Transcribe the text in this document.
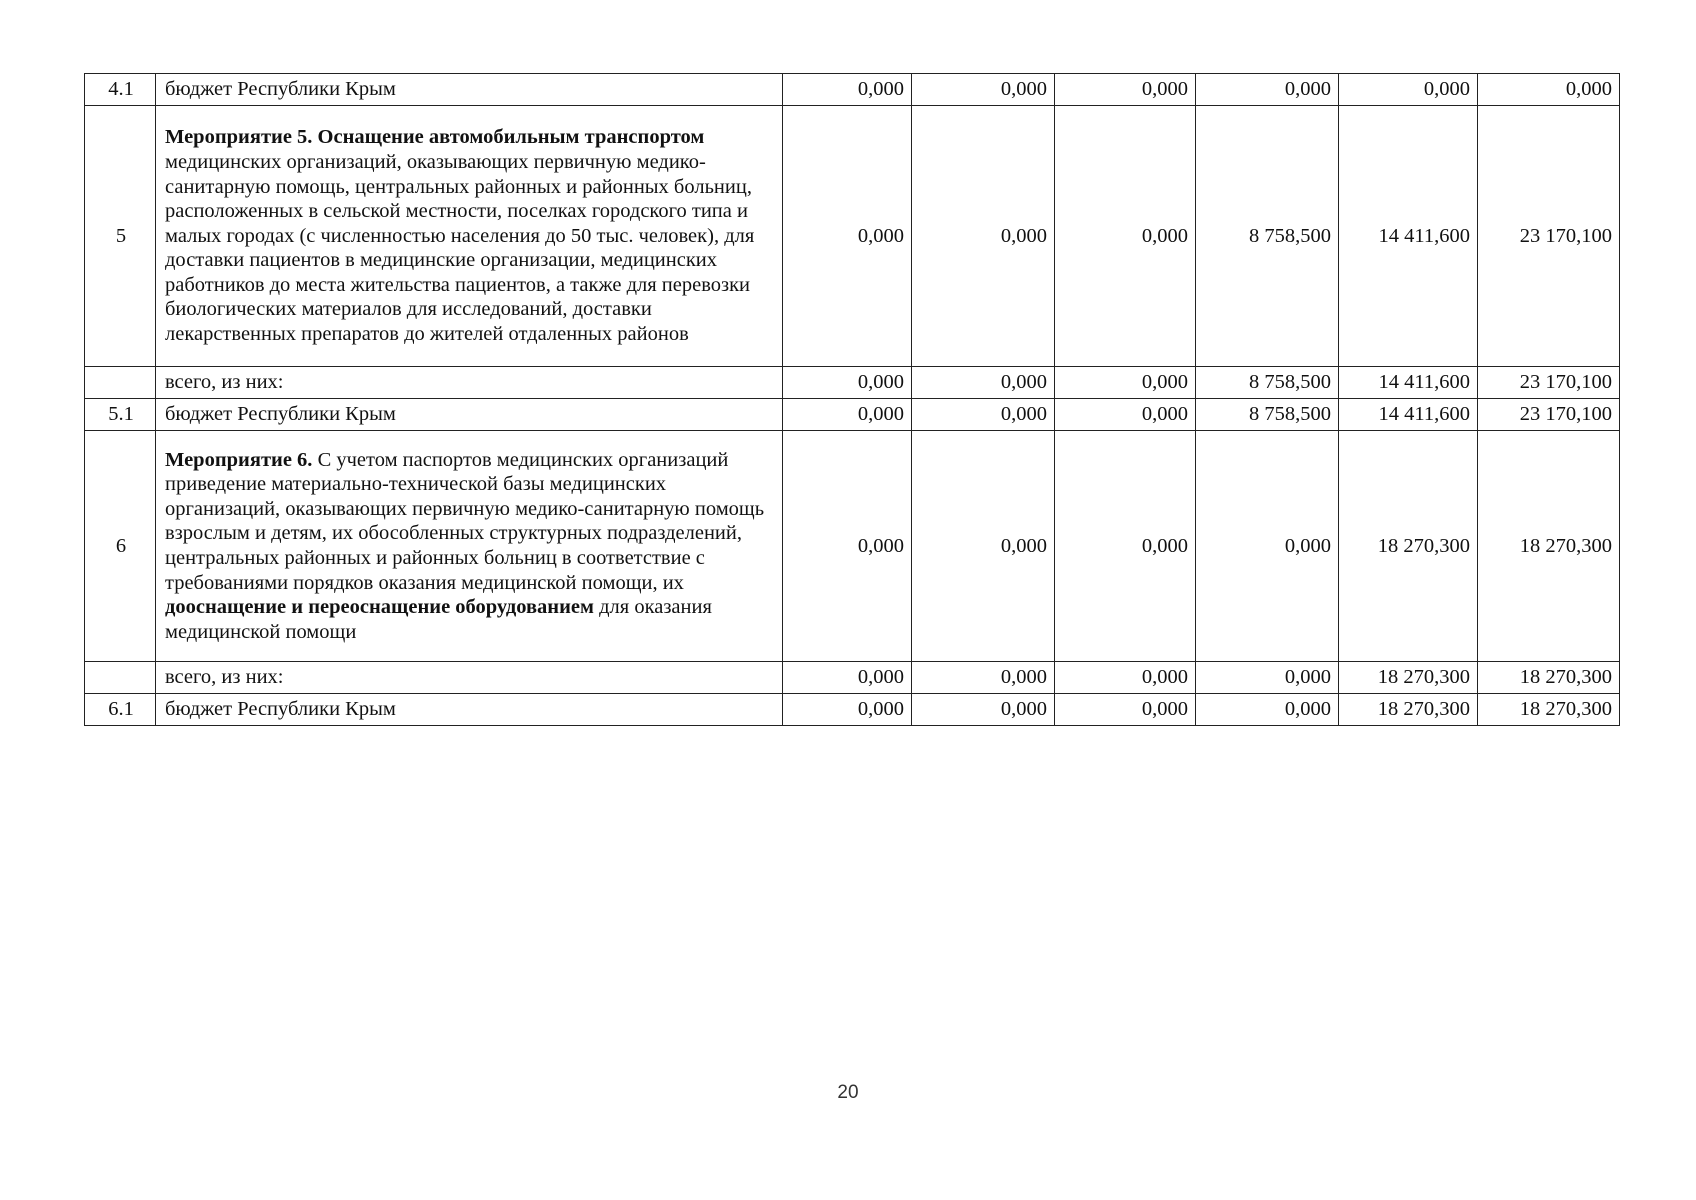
4.1	бюджет Республики Крым	0,000	0,000	0,000	0,000	0,000	0,000
5	Мероприятие 5. Оснащение автомобильным транспортом медицинских организаций, оказывающих первичную медико-санитарную помощь, центральных районных и районных больниц, расположенных в сельской местности, поселках городского типа и малых городах (с численностью населения до 50 тыс. человек), для доставки пациентов в медицинские организации, медицинских работников до места жительства пациентов, а также для перевозки биологических материалов для исследований, доставки лекарственных препаратов до жителей отдаленных районов	0,000	0,000	0,000	8 758,500	14 411,600	23 170,100
	всего, из них:	0,000	0,000	0,000	8 758,500	14 411,600	23 170,100
5.1	бюджет Республики Крым	0,000	0,000	0,000	8 758,500	14 411,600	23 170,100
6	Мероприятие 6. С учетом паспортов медицинских организаций приведение материально-технической базы медицинских организаций, оказывающих первичную медико-санитарную помощь взрослым и детям, их обособленных структурных подразделений, центральных районных и районных больниц в соответствие с требованиями порядков оказания медицинской помощи, их дооснащение и переоснащение оборудованием для оказания медицинской помощи	0,000	0,000	0,000	0,000	18 270,300	18 270,300
	всего, из них:	0,000	0,000	0,000	0,000	18 270,300	18 270,300
6.1	бюджет Республики Крым	0,000	0,000	0,000	0,000	18 270,300	18 270,300
20
